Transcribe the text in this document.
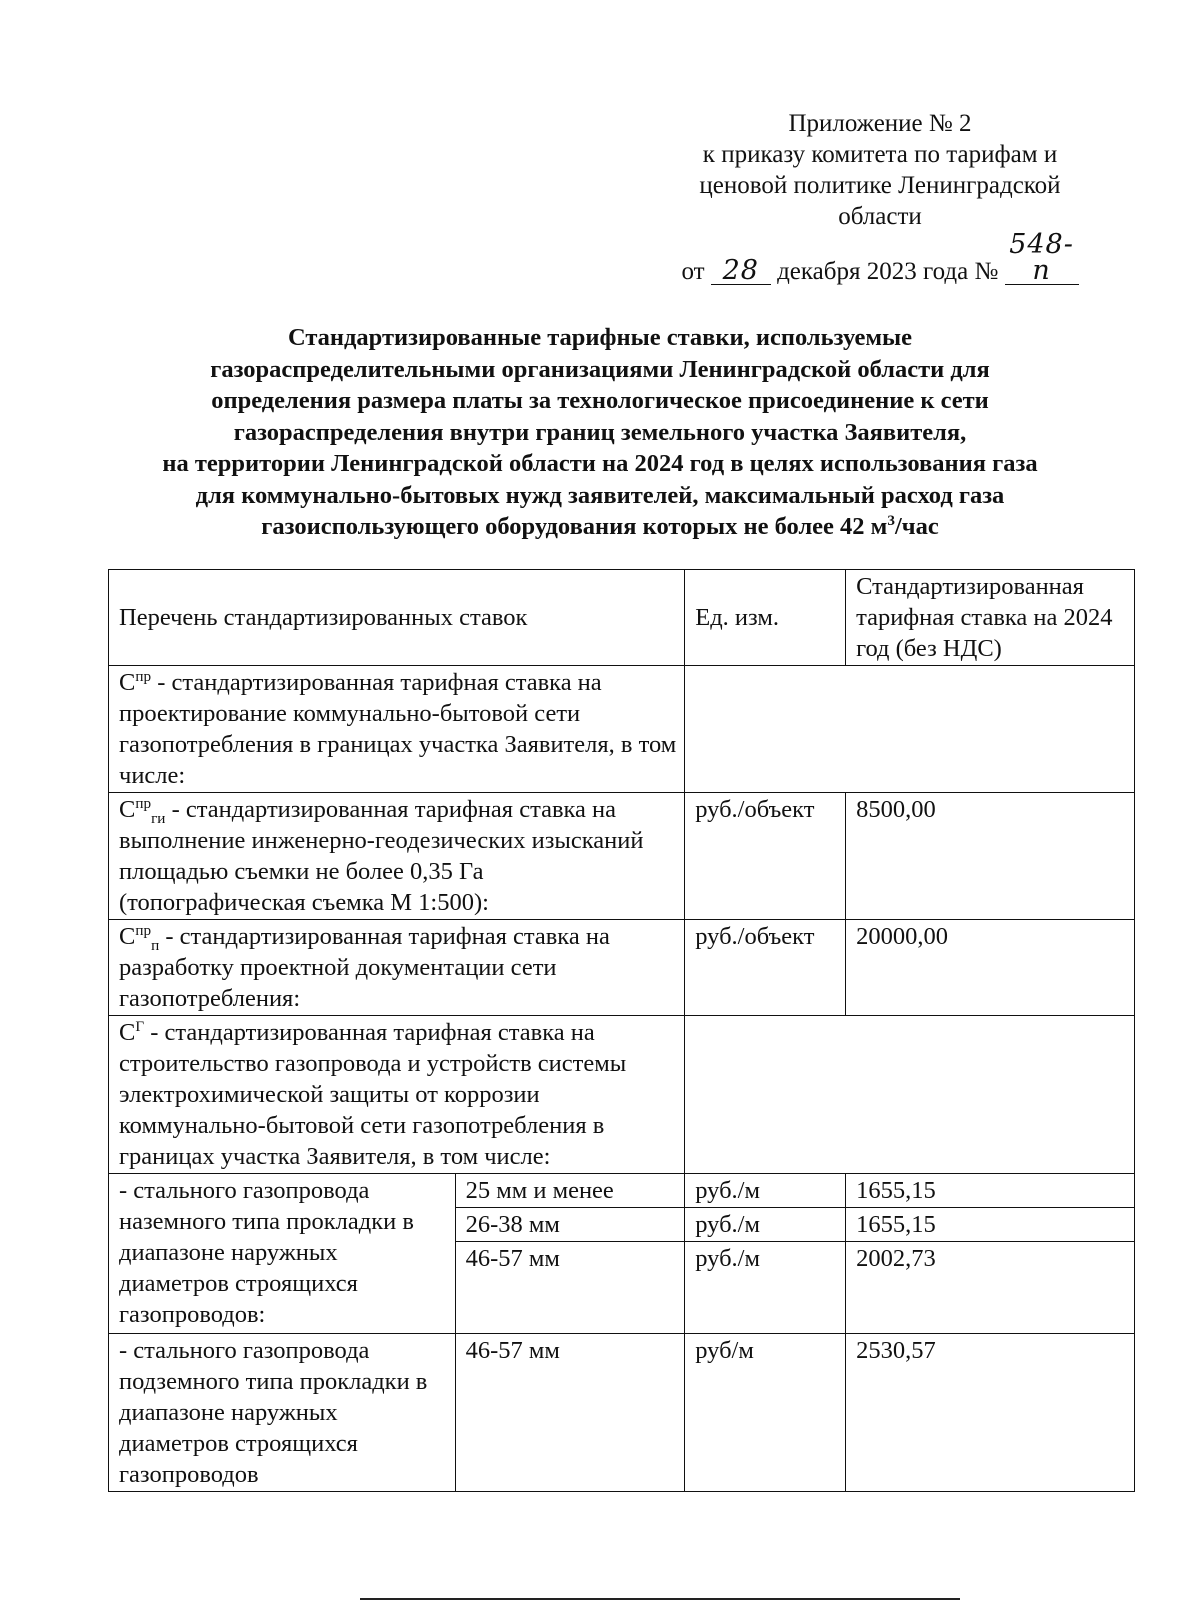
Приложение № 2
к приказу комитета по тарифам и
ценовой политике Ленинградской
области
от 28 декабря 2023 года № 548-п

Стандартизированные тарифные ставки, используемые

газораспределительными организациями Ленинградской области для

определения размера платы за технологическое присоединение к сети

газораспределения внутри границ земельного участка Заявителя,

на территории Ленинградской области на 2024 год в целях использования газа

для коммунально-бытовых нужд заявителей, максимальный расход газа

газоиспользующего оборудования которых не более 42 $м^3$/час

Перечень стандартизированных ставок		Ед. изм.	Стандартизированная тарифная ставка на 2024 год (без НДС)
$С^{пр}$ - стандартизированная тарифная ставка на проектирование коммунально-бытовой сети газопотребления в границах участка Заявителя, в том числе:			
$С^{пр}_{ги}$ - стандартизированная тарифная ставка на выполнение инженерно-геодезических изысканий площадью съемки не более 0,35 Га (топографическая съемка М 1:500):		руб./объект	8500,00
$С^{пр}_п$ - стандартизированная тарифная ставка на разработку проектной документации сети газопотребления:		руб./объект	20000,00
$С^Г$ - стандартизированная тарифная ставка на строительство газопровода и устройств системы электрохимической защиты от коррозии коммунально-бытовой сети газопотребления в границах участка Заявителя, в том числе:			
- стального газопровода наземного типа прокладки в диапазоне наружных диаметров строящихся газопроводов:	25 мм и менее	руб./м	1655,15
	26-38 мм	руб./м	1655,15
	46-57 мм	руб./м	2002,73
- стального газопровода подземного типа прокладки в диапазоне наружных диаметров строящихся газопроводов	46-57 мм	руб/м	2530,57
